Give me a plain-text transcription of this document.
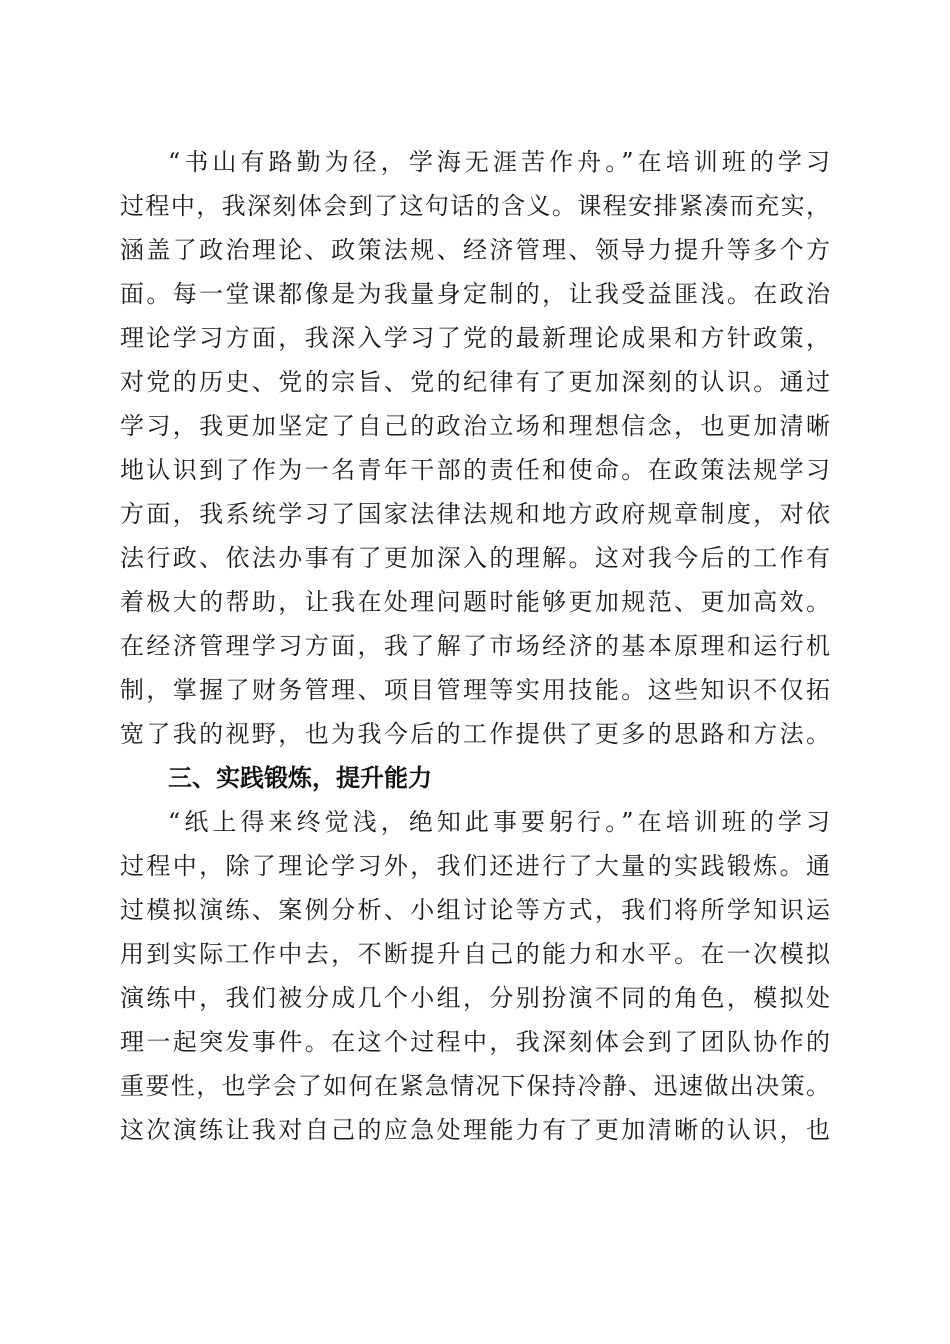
“书山有路勤为径，学海无涯苦作舟。”在培训班的学习
过程中，我深刻体会到了这句话的含义。课程安排紧凑而充实，
涵盖了政治理论、政策法规、经济管理、领导力提升等多个方
面。每一堂课都像是为我量身定制的，让我受益匪浅。在政治
理论学习方面，我深入学习了党的最新理论成果和方针政策，
对党的历史、党的宗旨、党的纪律有了更加深刻的认识。通过
学习，我更加坚定了自己的政治立场和理想信念，也更加清晰
地认识到了作为一名青年干部的责任和使命。在政策法规学习
方面，我系统学习了国家法律法规和地方政府规章制度，对依
法行政、依法办事有了更加深入的理解。这对我今后的工作有
着极大的帮助，让我在处理问题时能够更加规范、更加高效。
在经济管理学习方面，我了解了市场经济的基本原理和运行机
制，掌握了财务管理、项目管理等实用技能。这些知识不仅拓
宽了我的视野，也为我今后的工作提供了更多的思路和方法。
三、实践锻炼，提升能力
“纸上得来终觉浅，绝知此事要躬行。”在培训班的学习
过程中，除了理论学习外，我们还进行了大量的实践锻炼。通
过模拟演练、案例分析、小组讨论等方式，我们将所学知识运
用到实际工作中去，不断提升自己的能力和水平。在一次模拟
演练中，我们被分成几个小组，分别扮演不同的角色，模拟处
理一起突发事件。在这个过程中，我深刻体会到了团队协作的
重要性，也学会了如何在紧急情况下保持冷静、迅速做出决策。
这次演练让我对自己的应急处理能力有了更加清晰的认识，也
